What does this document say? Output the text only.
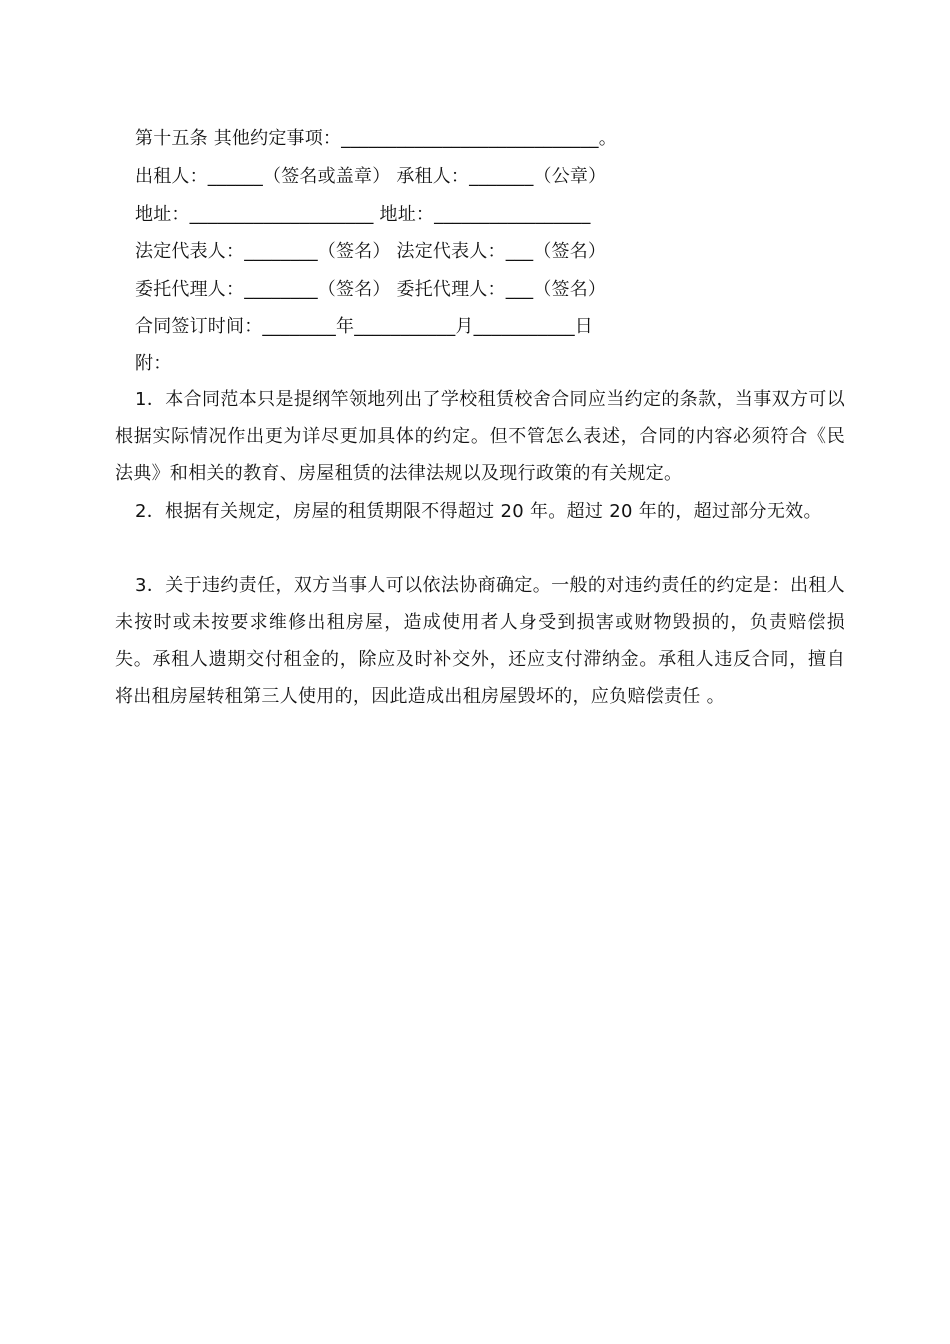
第十五条 其他约定事项：____________________________。
出租人：______（签名或盖章） 承租人：_______（公章）
地址：____________________ 地址：_________________
法定代表人：________（签名） 法定代表人：___（签名）
委托代理人：________（签名） 委托代理人：___（签名）
合同签订时间：________年___________月___________日
附：
1．本合同范本只是提纲竿领地列出了学校租赁校舍合同应当约定的条款，当事双方可以根据实际情况作出更为详尽更加具体的约定。但不管怎么表述，合同的内容必须符合《民法典》和相关的教育、房屋租赁的法律法规以及现行政策的有关规定。
2．根据有关规定，房屋的租赁期限不得超过 20 年。超过 20 年的，超过部分无效。
3．关于违约责任，双方当事人可以依法协商确定。一般的对违约责任的约定是：出租人未按时或未按要求维修出租房屋，造成使用者人身受到损害或财物毁损的，负责赔偿损失。承租人遗期交付租金的，除应及时补交外，还应支付滞纳金。承租人违反合同，擅自将出租房屋转租第三人使用的，因此造成出租房屋毁坏的，应负赔偿责任 。
